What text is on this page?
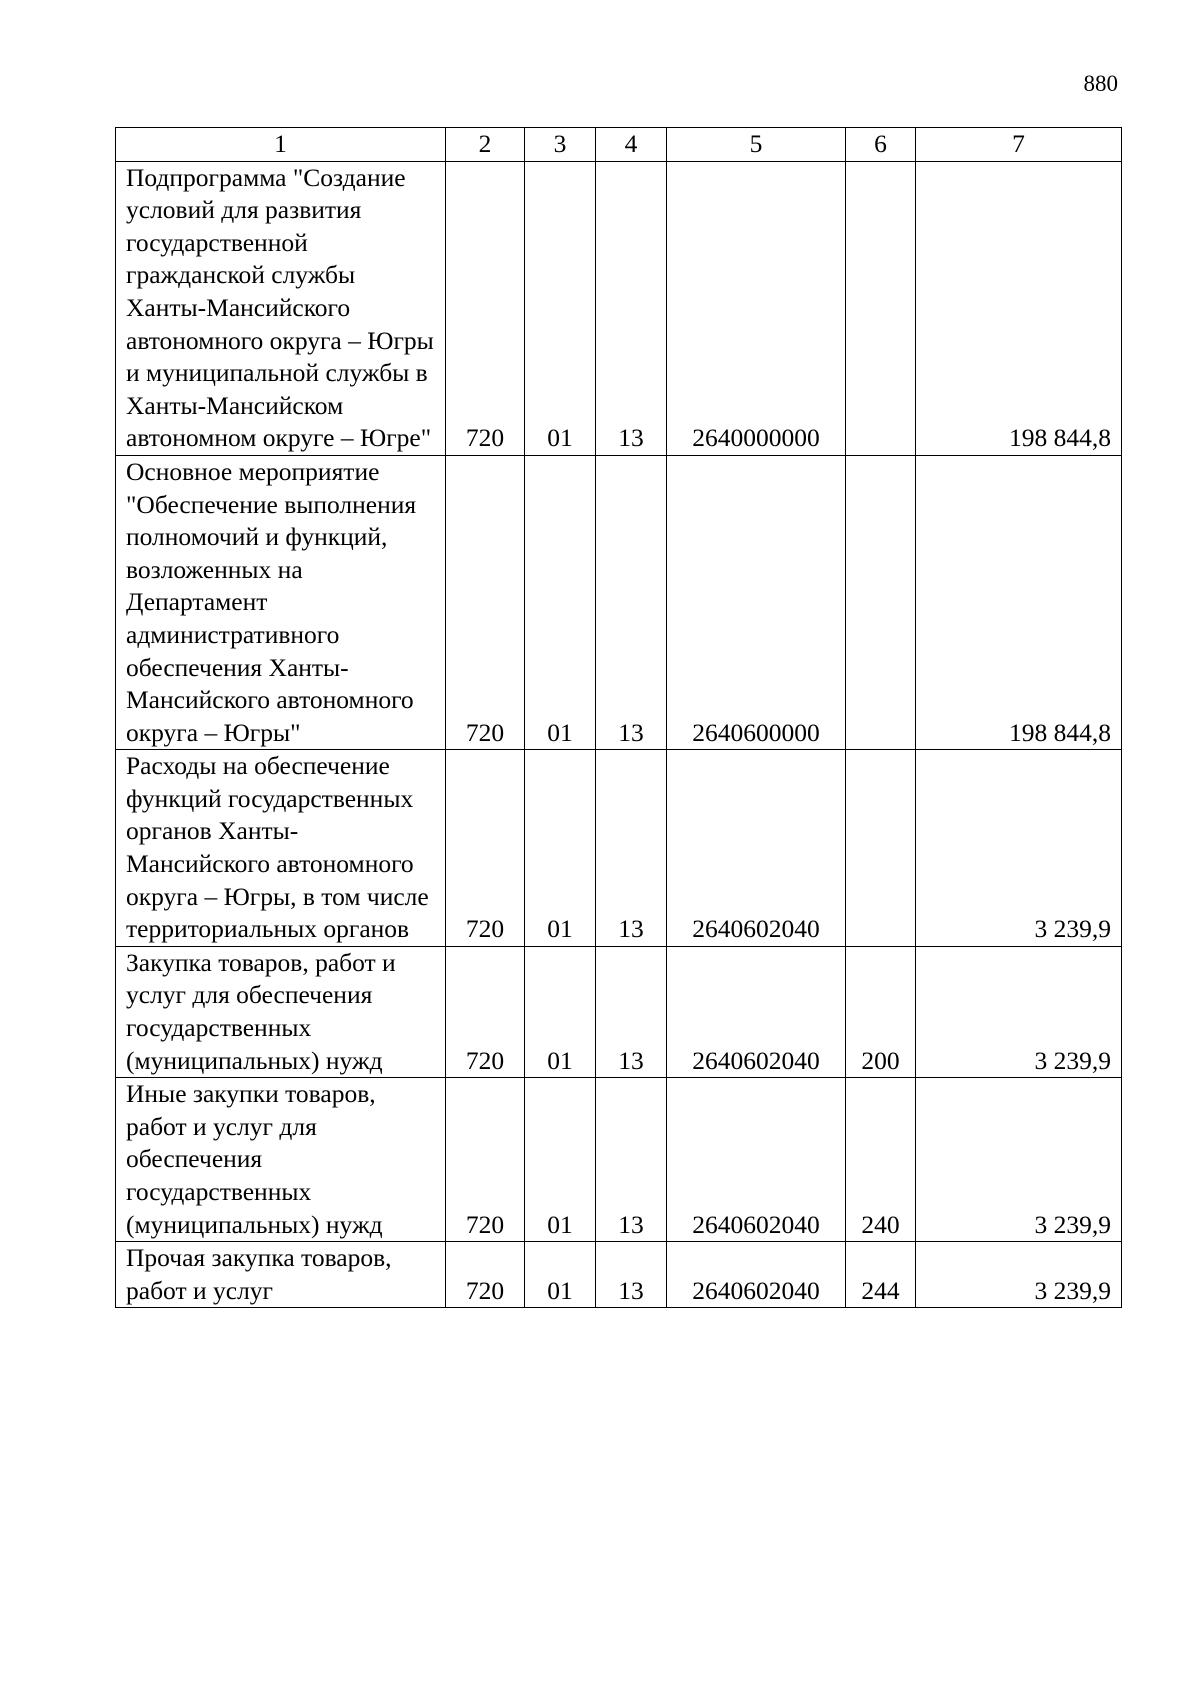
880
1	2	3	4	5	6	7
Подпрограмма "Создание условий для развития государственной гражданской службы Ханты-Мансийского автономного округа – Югры и муниципальной службы в Ханты-Мансийском автономном округе – Югре"	720	01	13	2640000000		198 844,8
Основное мероприятие "Обеспечение выполнения полномочий и функций, возложенных на Департамент административного обеспечения Ханты-Мансийского автономного округа – Югры"	720	01	13	2640600000		198 844,8
Расходы на обеспечение функций государственных органов Ханты-Мансийского автономного округа – Югры, в том числе территориальных органов	720	01	13	2640602040		3 239,9
Закупка товаров, работ и услуг для обеспечения государственных (муниципальных) нужд	720	01	13	2640602040	200	3 239,9
Иные закупки товаров, работ и услуг для обеспечения государственных (муниципальных) нужд	720	01	13	2640602040	240	3 239,9
Прочая закупка товаров, работ и услуг	720	01	13	2640602040	244	3 239,9
